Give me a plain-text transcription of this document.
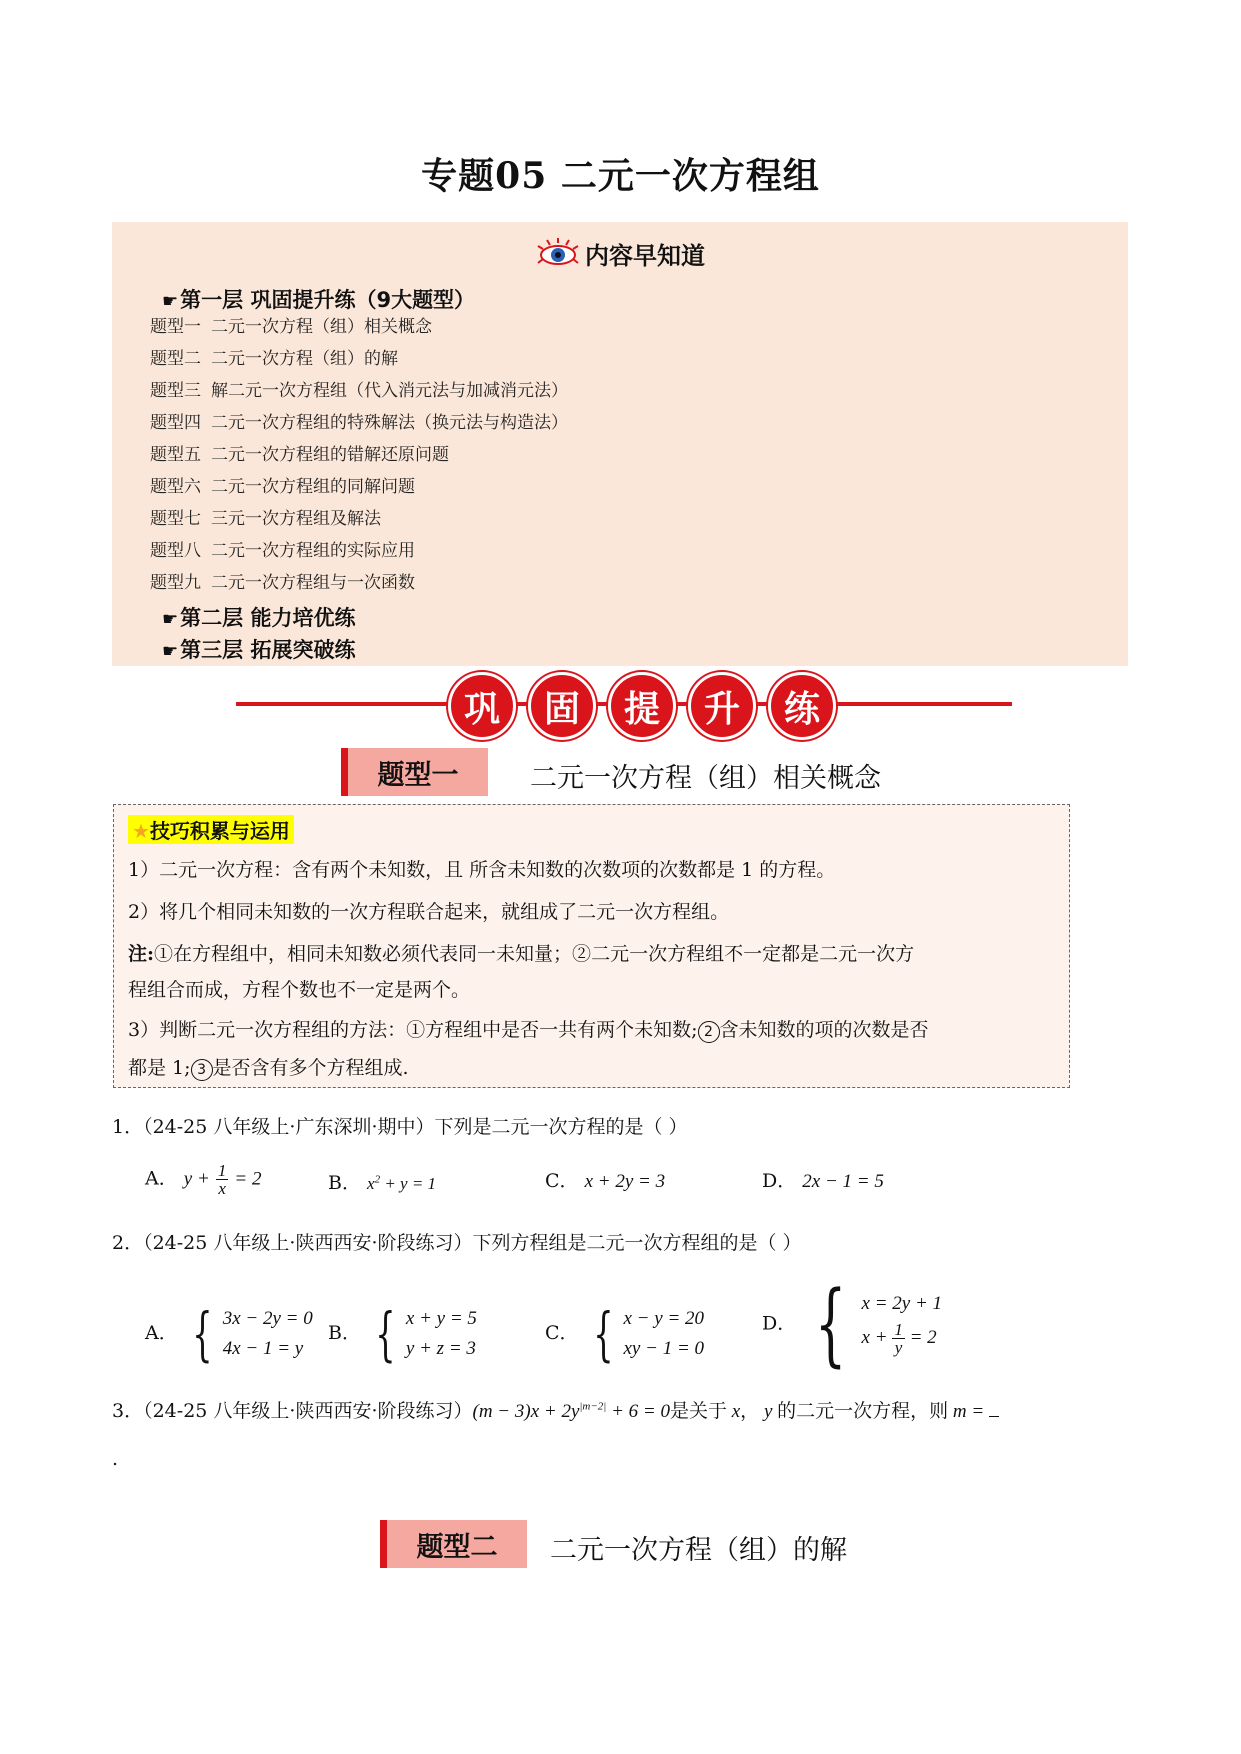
专题05 二元一次方程组
内容早知道
☛第一层 巩固提升练（9大题型）
题型一 二元一次方程（组）相关概念
题型二 二元一次方程（组）的解
题型三 解二元一次方程组（代入消元法与加减消元法）
题型四 二元一次方程组的特殊解法（换元法与构造法）
题型五 二元一次方程组的错解还原问题
题型六 二元一次方程组的同解问题
题型七 三元一次方程组及解法
题型八 二元一次方程组的实际应用
题型九 二元一次方程组与一次函数
☛第二层 能力培优练
☛第三层 拓展突破练
巩	固	提	升	练
题型一	二元一次方程（组）相关概念
★技巧积累与运用
1）二元一次方程：含有两个未知数，且 所含未知数的次数项的次数都是 1 的方程。
2）将几个相同未知数的一次方程联合起来，就组成了二元一次方程组。
注:①在方程组中，相同未知数必须代表同一未知量；②二元一次方程组不一定都是二元一次方
程组合而成，方程个数也不一定是两个。
3）判断二元一次方程组的方法：①方程组中是否一共有两个未知数; 2 含未知数的项的次数是否
都是 1; 3 是否含有多个方程组成.
1．（24-25 八年级上·广东深圳·期中）下列是二元一次方程的是（ ）
A． $y + \frac{1}{x} = 2$	B． $x^2 + y = 1$	C． x + 2y = 3	D． 2x − 1 = 5
2．（24-25 八年级上·陕西西安·阶段练习）下列方程组是二元一次方程组的是（ ）
A． { 3x − 2y = 0
4x − 1 = y
B． { x + y = 5
y + z = 3
C． { x − y = 20
xy − 1 = 0
D． { x = 2y + 1
$x + \frac{1}{y} = 2$
3．（24-25 八年级上·陕西西安·阶段练习）$(m - 3)x + 2y^{|m-2|} + 6 = 0$是关于 x， y 的二元一次方程，则 m =
.
题型二	二元一次方程（组）的解
